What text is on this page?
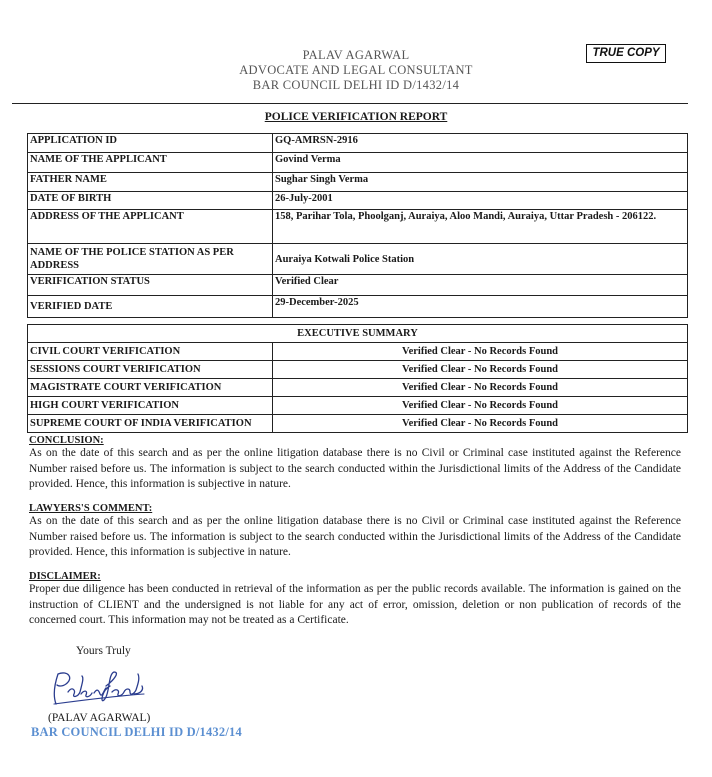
PALAV AGARWAL
ADVOCATE AND LEGAL CONSULTANT
BAR COUNCIL DELHI ID D/1432/14
TRUE COPY
POLICE VERIFICATION REPORT
APPLICATION ID	GQ-AMRSN-2916
NAME OF THE APPLICANT	Govind Verma
FATHER NAME	Sughar Singh Verma
DATE OF BIRTH	26-July-2001
ADDRESS OF THE APPLICANT	158, Parihar Tola, Phoolganj, Auraiya, Aloo Mandi, Auraiya, Uttar Pradesh - 206122.
NAME OF THE POLICE STATION AS PER ADDRESS	Auraiya Kotwali Police Station
VERIFICATION STATUS	Verified Clear
VERIFIED DATE	29-December-2025
EXECUTIVE SUMMARY	
CIVIL COURT VERIFICATION	Verified Clear - No Records Found
SESSIONS COURT VERIFICATION	Verified Clear - No Records Found
MAGISTRATE COURT VERIFICATION	Verified Clear - No Records Found
HIGH COURT VERIFICATION	Verified Clear - No Records Found
SUPREME COURT OF INDIA VERIFICATION	Verified Clear - No Records Found
CONCLUSION:
As on the date of this search and as per the online litigation database there is no Civil or Criminal case instituted against the Reference Number raised before us. The information is subject to the search conducted within the Jurisdictional limits of the Address of the Candidate provided. Hence, this information is subjective in nature.
LAWYERS'S COMMENT:
As on the date of this search and as per the online litigation database there is no Civil or Criminal case instituted against the Reference Number raised before us. The information is subject to the search conducted within the Jurisdictional limits of the Address of the Candidate provided. Hence, this information is subjective in nature.
DISCLAIMER:
Proper due diligence has been conducted in retrieval of the information as per the public records available. The information is gained on the instruction of CLIENT and the undersigned is not liable for any act of error, omission, deletion or non publication of records of the concerned court. This information may not be treated as a Certificate.
Yours Truly
(PALAV AGARWAL)
BAR COUNCIL DELHI ID D/1432/14
